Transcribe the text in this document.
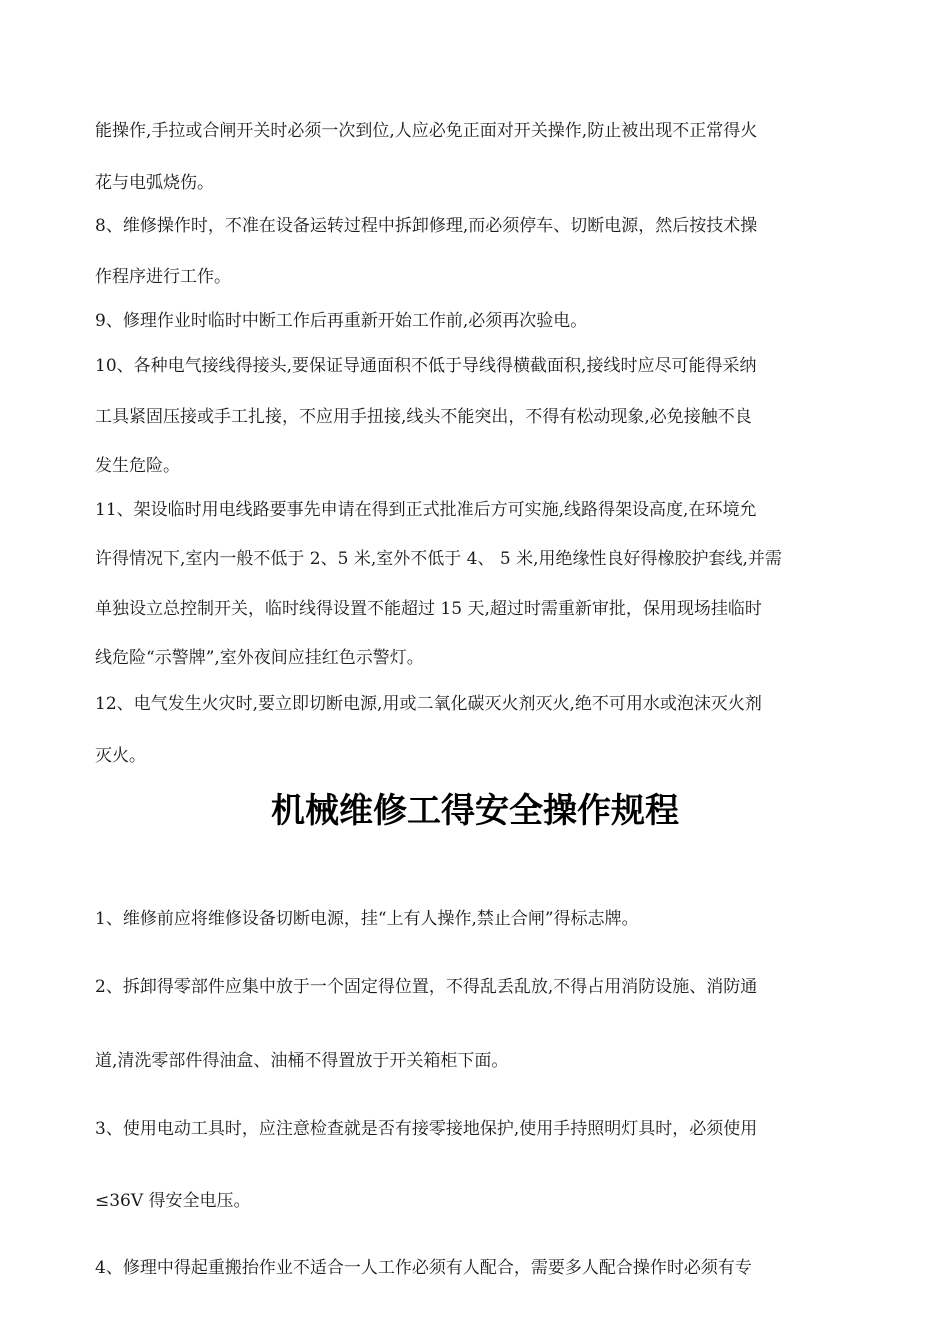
能操作,手拉或合闸开关时必须一次到位,人应必免正面对开关操作,防止被出现不正常得火
花与电弧烧伤。
8、维修操作时，不准在设备运转过程中拆卸修理,而必须停车、切断电源，然后按技术操
作程序进行工作。
9、修理作业时临时中断工作后再重新开始工作前,必须再次验电。
10、各种电气接线得接头,要保证导通面积不低于导线得横截面积,接线时应尽可能得采纳
工具紧固压接或手工扎接，不应用手扭接,线头不能突出，不得有松动现象,必免接触不良
发生危险。
11、架设临时用电线路要事先申请在得到正式批准后方可实施,线路得架设高度,在环境允
许得情况下,室内一般不低于 2、5 米,室外不低于 4、 5 米,用绝缘性良好得橡胶护套线,并需
单独设立总控制开关，临时线得设置不能超过 15 天,超过时需重新审批，保用现场挂临时
线危险“示警牌”,室外夜间应挂红色示警灯。
12、电气发生火灾时,要立即切断电源,用或二氧化碳灭火剂灭火,绝不可用水或泡沫灭火剂
灭火。
机械维修工得安全操作规程
1、维修前应将维修设备切断电源，挂“上有人操作,禁止合闸”得标志牌。
2、拆卸得零部件应集中放于一个固定得位置，不得乱丢乱放,不得占用消防设施、消防通
道,清洗零部件得油盒、油桶不得置放于开关箱柜下面。
3、使用电动工具时，应注意检查就是否有接零接地保护,使用手持照明灯具时，必须使用
≤36V 得安全电压。
4、修理中得起重搬抬作业不适合一人工作必须有人配合，需要多人配合操作时必须有专
